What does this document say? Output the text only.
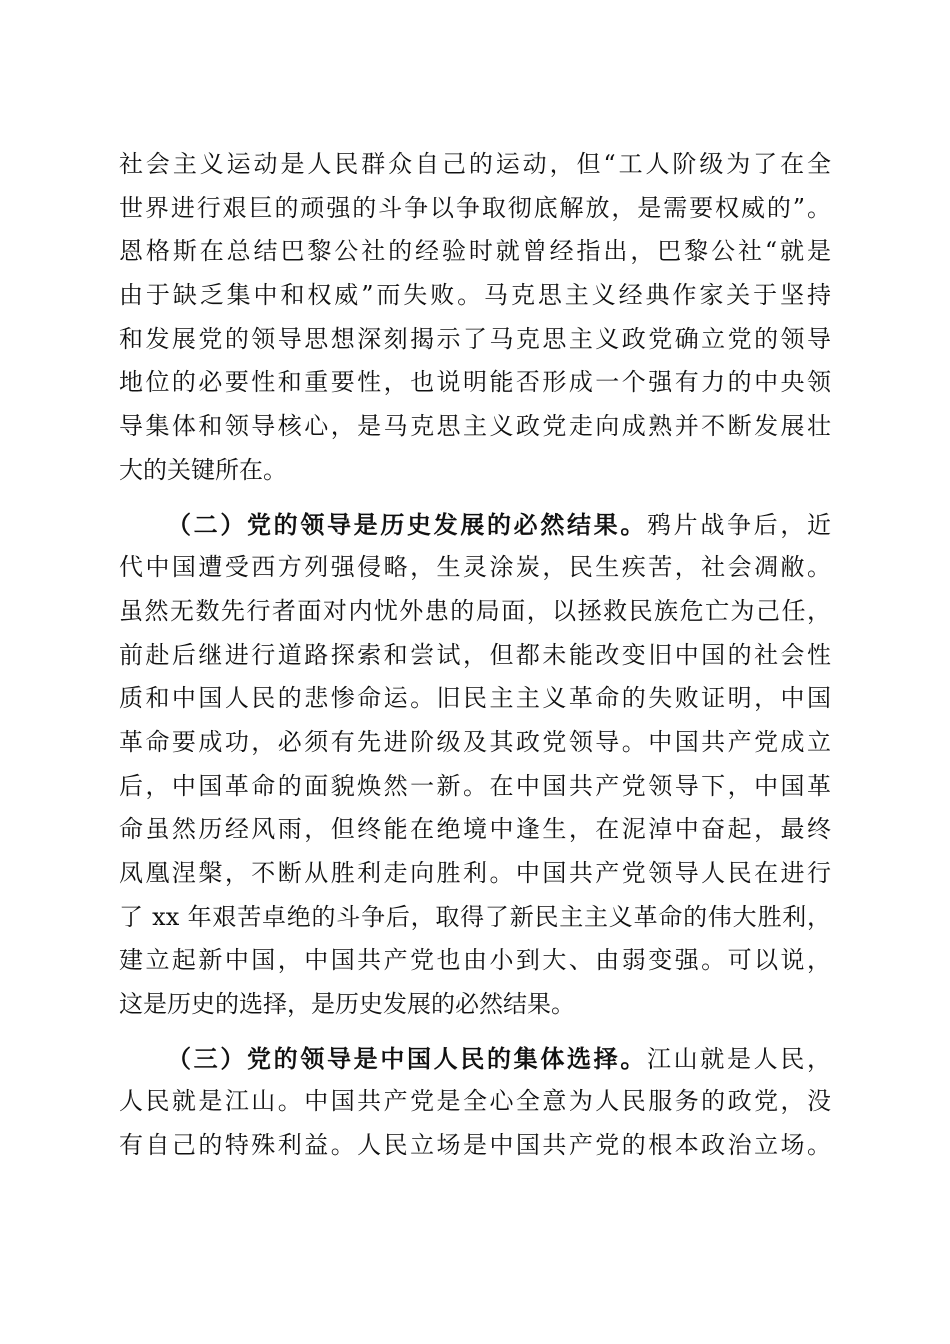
社会主义运动是人民群众自己的运动，但“工人阶级为了在全
世界进行艰巨的顽强的斗争以争取彻底解放，是需要权威的”。
恩格斯在总结巴黎公社的经验时就曾经指出，巴黎公社“就是
由于缺乏集中和权威”而失败。马克思主义经典作家关于坚持
和发展党的领导思想深刻揭示了马克思主义政党确立党的领导
地位的必要性和重要性，也说明能否形成一个强有力的中央领
导集体和领导核心，是马克思主义政党走向成熟并不断发展壮
大的关键所在。
（二）党的领导是历史发展的必然结果。鸦片战争后，近
代中国遭受西方列强侵略，生灵涂炭，民生疾苦，社会凋敝。
虽然无数先行者面对内忧外患的局面，以拯救民族危亡为己任，
前赴后继进行道路探索和尝试，但都未能改变旧中国的社会性
质和中国人民的悲惨命运。旧民主主义革命的失败证明，中国
革命要成功，必须有先进阶级及其政党领导。中国共产党成立
后，中国革命的面貌焕然一新。在中国共产党领导下，中国革
命虽然历经风雨，但终能在绝境中逢生，在泥淖中奋起，最终
凤凰涅槃，不断从胜利走向胜利。中国共产党领导人民在进行
了 xx 年艰苦卓绝的斗争后，取得了新民主主义革命的伟大胜利，
建立起新中国，中国共产党也由小到大、由弱变强。可以说，
这是历史的选择，是历史发展的必然结果。
（三）党的领导是中国人民的集体选择。江山就是人民，
人民就是江山。中国共产党是全心全意为人民服务的政党，没
有自己的特殊利益。人民立场是中国共产党的根本政治立场。
